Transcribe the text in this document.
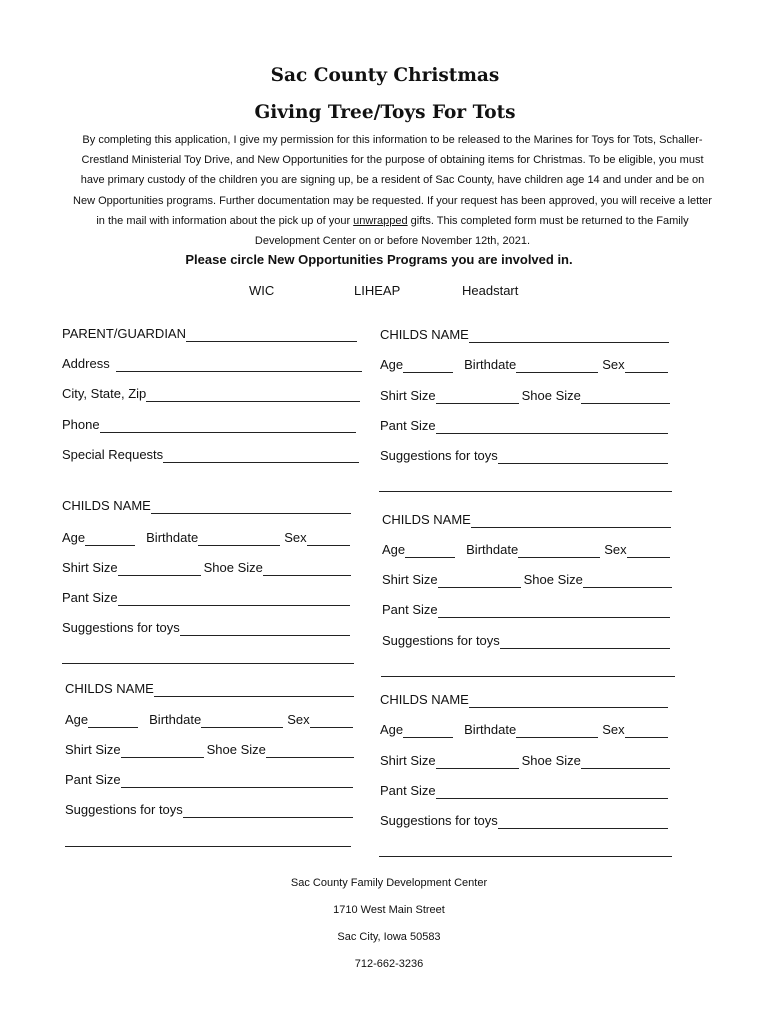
Sac County Christmas
Giving Tree/Toys For Tots
By completing this application, I give my permission for this information to be released to the Marines for Toys for Tots, Schaller-Crestland Ministerial Toy Drive, and New Opportunities for the purpose of obtaining items for Christmas. To be eligible, you must have primary custody of the children you are signing up, be a resident of Sac County, have children age 14 and under and be on New Opportunities programs. Further documentation may be requested. If your request has been approved, you will receive a letter in the mail with information about the pick up of your unwrapped gifts. This completed form must be returned to the Family Development Center on or before November 12th, 2021.
Please circle New Opportunities Programs you are involved in.
WIC	LIHEAP	Headstart
PARENT/GUARDIAN
Address
City, State, Zip
Phone
Special Requests
CHILDS NAME
Age	Birthdate	Sex
Shirt Size	Shoe Size
Pant Size
Suggestions for toys
CHILDS NAME
Age	Birthdate	Sex
Shirt Size	Shoe Size
Pant Size
Suggestions for toys
CHILDS NAME
Age	Birthdate	Sex
Shirt Size	Shoe Size
Pant Size
Suggestions for toys
CHILDS NAME
Age	Birthdate	Sex
Shirt Size	Shoe Size
Pant Size
Suggestions for toys
CHILDS NAME
Age	Birthdate	Sex
Shirt Size	Shoe Size
Pant Size
Suggestions for toys
Sac County Family Development Center
1710 West Main Street
Sac City, Iowa 50583
712-662-3236
